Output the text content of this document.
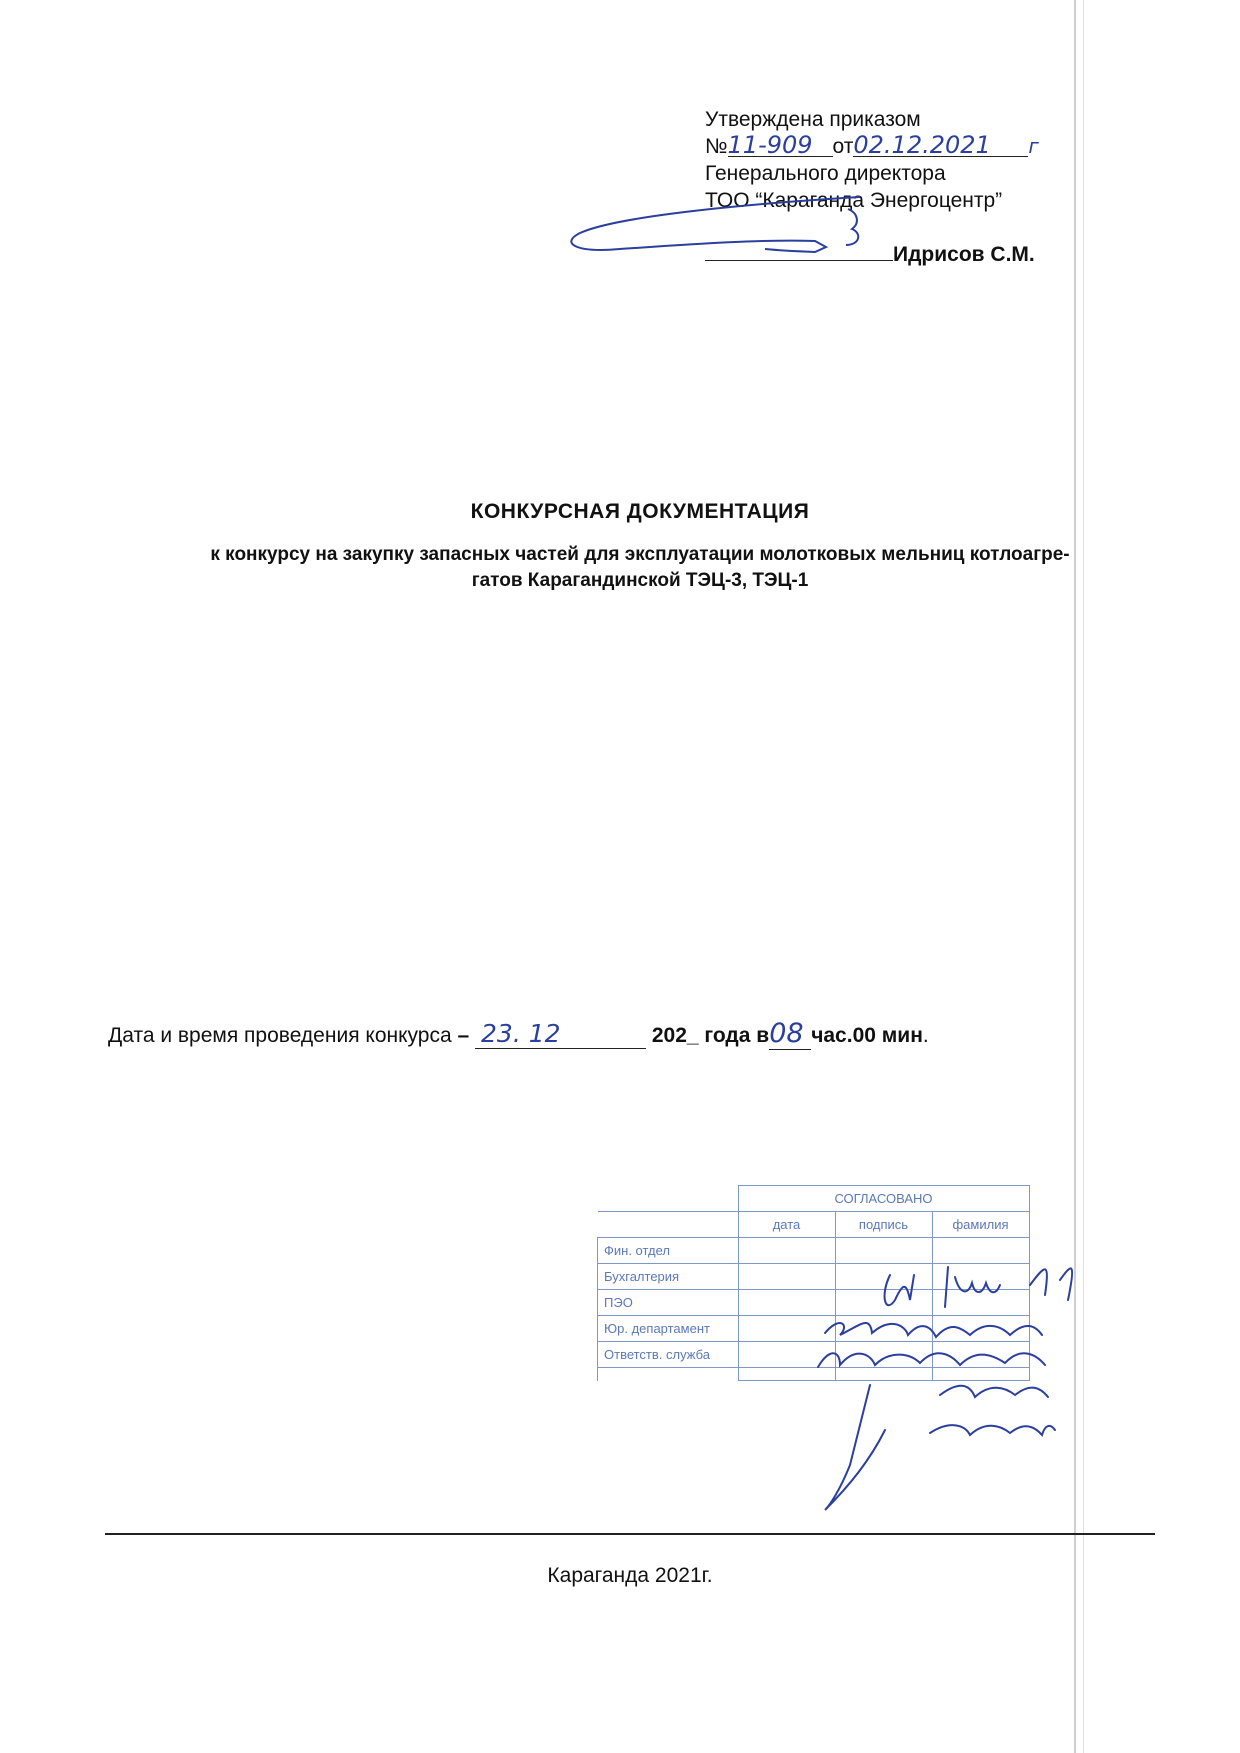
Утверждена приказом
№11-909 от02.12.2021 г
Генерального директора
ТОО “Караганда Энергоцентр”
Идрисов С.М.
КОНКУРСНАЯ ДОКУМЕНТАЦИЯ
к конкурсу на закупку запасных частей для эксплуатации молотковых мельниц котлоагре-
гатов Карагандинской ТЭЦ-3, ТЭЦ-1
Дата и время проведения конкурса – 23. 12	202_ года в08 час.00 мин.
	СОГЛАСОВАНО		
	дата	подпись	фамилия
Фин. отдел			
Бухгалтерия			
ПЭО			
Юр. департамент			
Ответств. служба			

Караганда 2021г.
